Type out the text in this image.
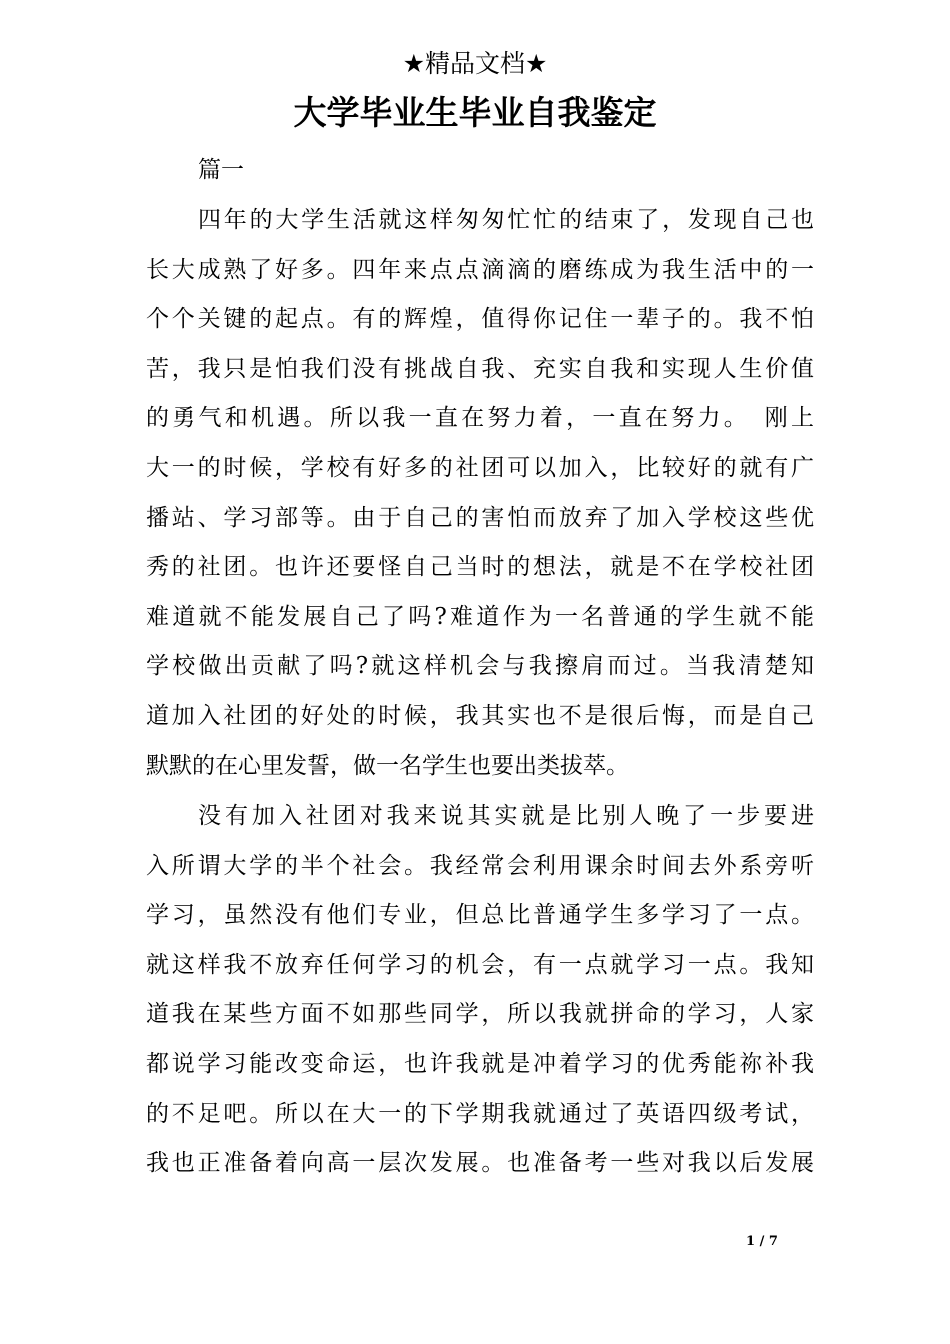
★精品文档★
大学毕业生毕业自我鉴定
篇一
四年的大学生活就这样匆匆忙忙的结束了，发现自己也
长大成熟了好多。四年来点点滴滴的磨练成为我生活中的一
个个关键的起点。有的辉煌，值得你记住一辈子的。我不怕
苦，我只是怕我们没有挑战自我、充实自我和实现人生价值
的勇气和机遇。所以我一直在努力着，一直在努力。　刚上
大一的时候，学校有好多的社团可以加入，比较好的就有广
播站、学习部等。由于自己的害怕而放弃了加入学校这些优
秀的社团。也许还要怪自己当时的想法，就是不在学校社团
难道就不能发展自己了吗?难道作为一名普通的学生就不能
学校做出贡献了吗?就这样机会与我擦肩而过。当我清楚知
道加入社团的好处的时候，我其实也不是很后悔，而是自己
默默的在心里发誓，做一名学生也要出类拔萃。
没有加入社团对我来说其实就是比别人晚了一步要进
入所谓大学的半个社会。我经常会利用课余时间去外系旁听
学习，虽然没有他们专业，但总比普通学生多学习了一点。
就这样我不放弃任何学习的机会，有一点就学习一点。我知
道我在某些方面不如那些同学，所以我就拼命的学习，人家
都说学习能改变命运，也许我就是冲着学习的优秀能祢补我
的不足吧。所以在大一的下学期我就通过了英语四级考试，
我也正准备着向高一层次发展。也准备考一些对我以后发展
1 / 7
